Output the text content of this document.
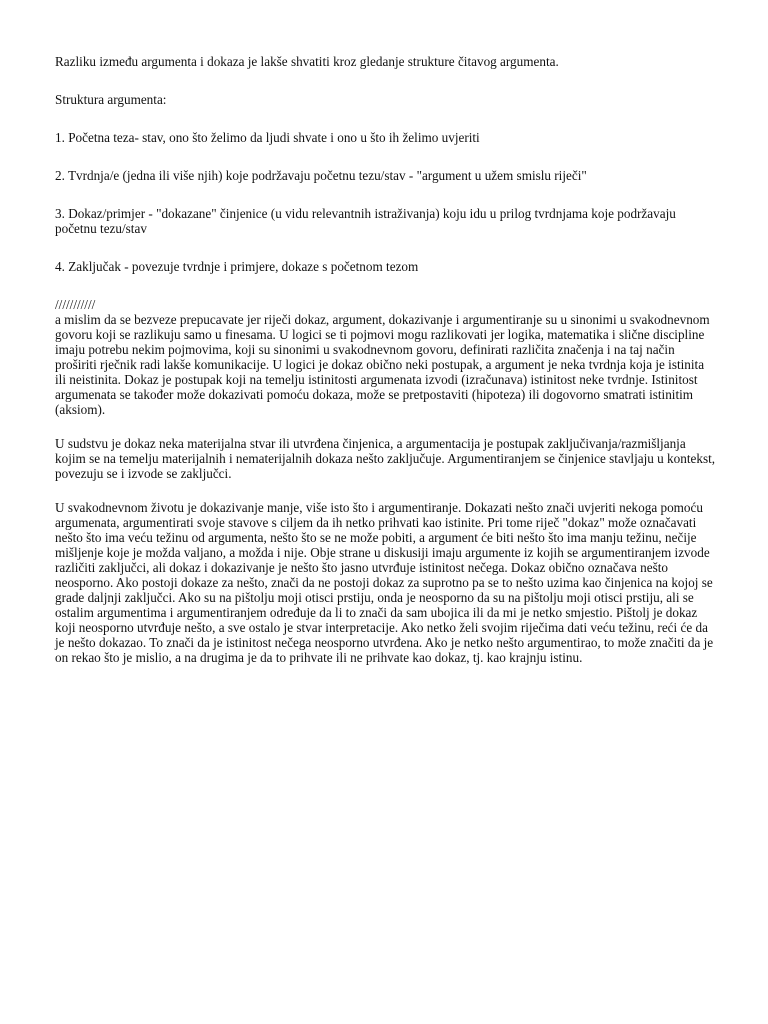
Razliku između argumenta i dokaza je lakše shvatiti kroz gledanje strukture čitavog argumenta.

Struktura argumenta:

1. Početna teza- stav, ono što želimo da ljudi shvate i ono u što ih želimo uvjeriti

2. Tvrdnja/e (jedna ili više njih) koje podržavaju početnu tezu/stav - "argument u užem smislu riječi"

3. Dokaz/primjer - "dokazane" činjenice (u vidu relevantnih istraživanja) koju idu u prilog tvrdnjama koje podržavaju početnu tezu/stav

4. Zaključak - povezuje tvrdnje i primjere, dokaze s početnom tezom

///////////

a mislim da se bezveze prepucavate jer riječi dokaz, argument, dokazivanje i argumentiranje su u sinonimi u svakodnevnom govoru koji se razlikuju samo u finesama. U logici se ti pojmovi mogu razlikovati jer logika, matematika i slične discipline imaju potrebu nekim pojmovima, koji su sinonimi u svakodnevnom govoru, definirati različita značenja i na taj način proširiti rječnik radi lakše komunikacije. U logici je dokaz obično neki postupak, a argument je neka tvrdnja koja je istinita ili neistinita. Dokaz je postupak koji na temelju istinitosti argumenata izvodi (izračunava) istinitost neke tvrdnje. Istinitost argumenata se također može dokazivati pomoću dokaza, može se pretpostaviti (hipoteza) ili dogovorno smatrati istinitim (aksiom).

U sudstvu je dokaz neka materijalna stvar ili utvrđena činjenica, a argumentacija je postupak zaključivanja/razmišljanja kojim se na temelju materijalnih i nematerijalnih dokaza nešto zaključuje. Argumentiranjem se činjenice stavljaju u kontekst, povezuju se i izvode se zaključci.

U svakodnevnom životu je dokazivanje manje, više isto što i argumentiranje. Dokazati nešto znači uvjeriti nekoga pomoću argumenata, argumentirati svoje stavove s ciljem da ih netko prihvati kao istinite. Pri tome riječ "dokaz" može označavati nešto što ima veću težinu od argumenta, nešto što se ne može pobiti, a argument će biti nešto što ima manju težinu, nečije mišljenje koje je možda valjano, a možda i nije. Obje strane u diskusiji imaju argumente iz kojih se argumentiranjem izvode različiti zaključci, ali dokaz i dokazivanje je nešto što jasno utvrđuje istinitost nečega. Dokaz obično označava nešto neosporno. Ako postoji dokaze za nešto, znači da ne postoji dokaz za suprotno pa se to nešto uzima kao činjenica na kojoj se grade daljnji zaključci. Ako su na pištolju moji otisci prstiju, onda je neosporno da su na pištolju moji otisci prstiju, ali se ostalim argumentima i argumentiranjem određuje da li to znači da sam ubojica ili da mi je netko smjestio. Pištolj je dokaz koji neosporno utvrđuje nešto, a sve ostalo je stvar interpretacije. Ako netko želi svojim riječima dati veću težinu, reći će da je nešto dokazao. To znači da je istinitost nečega neosporno utvrđena. Ako je netko nešto argumentirao, to može značiti da je on rekao što je mislio, a na drugima je da to prihvate ili ne prihvate kao dokaz, tj. kao krajnju istinu.
